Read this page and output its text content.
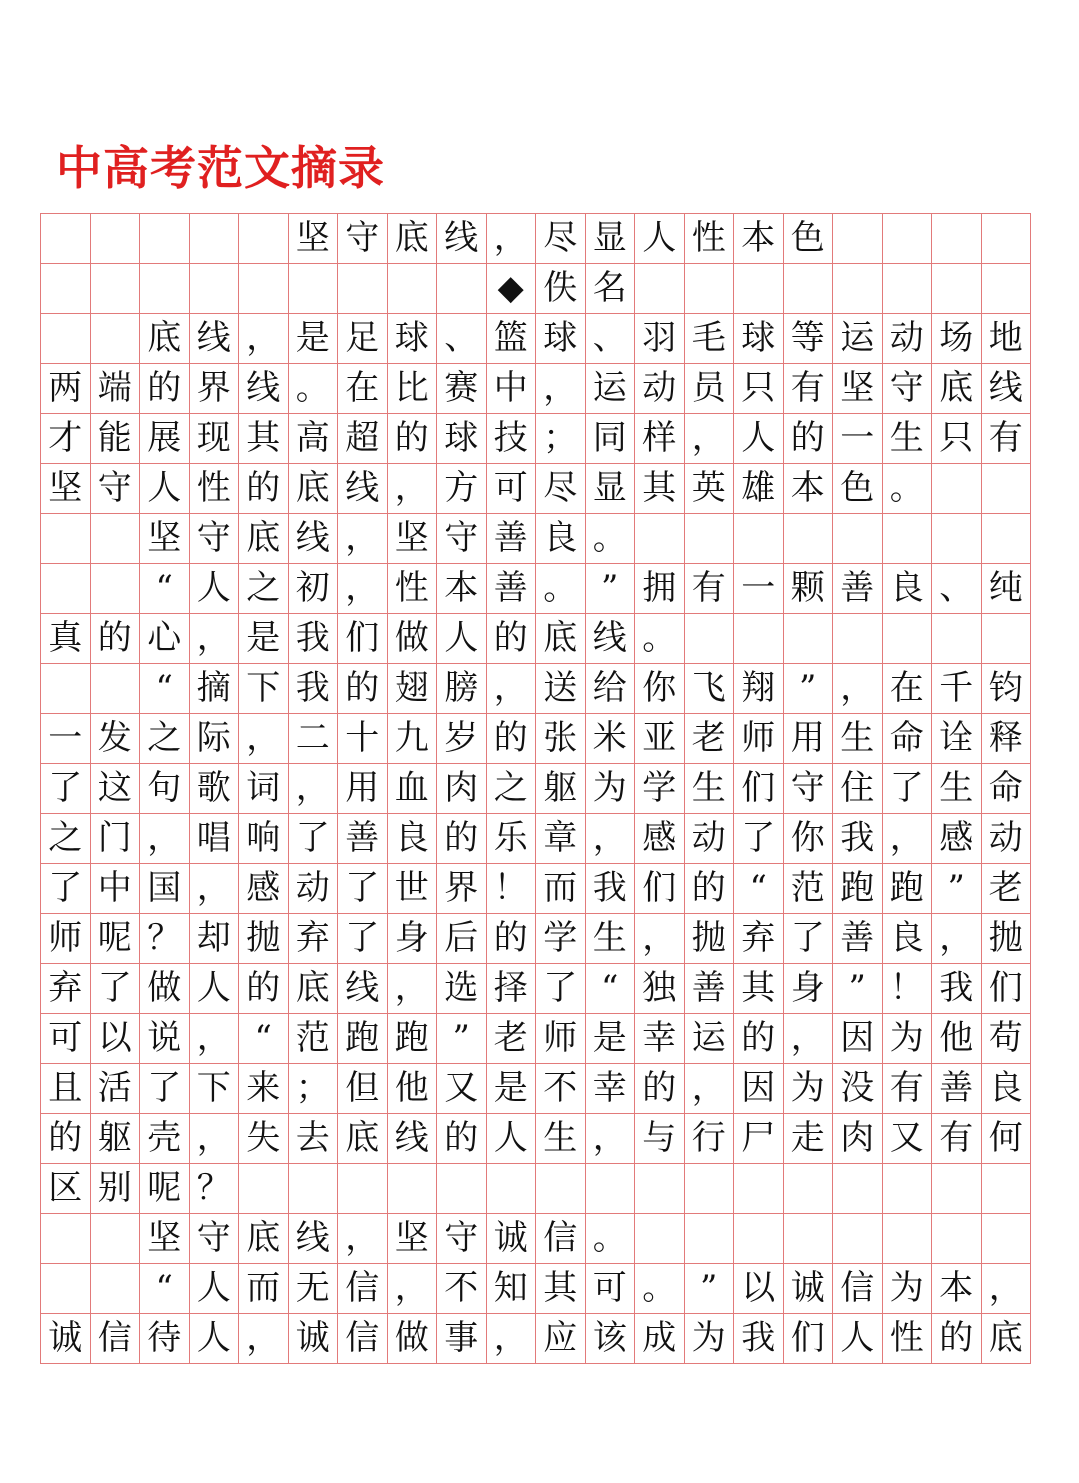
中高考范文摘录
坚 守 底 线 ， 尽 显 人 性 本 色
◆ 佚 名
底 线 ， 是 足 球 、 篮 球 、 羽 毛 球 等 运 动 场 地
两 端 的 界 线 。 在 比 赛 中 ， 运 动 员 只 有 坚 守 底 线
才 能 展 现 其 高 超 的 球 技 ； 同 样 ， 人 的 一 生 只 有
坚 守 人 性 的 底 线 ， 方 可 尽 显 其 英 雄 本 色 。
坚 守 底 线 ， 坚 守 善 良 。
“ 人 之 初 ， 性 本 善 。 ” 拥 有 一 颗 善 良 、 纯
真 的 心 ， 是 我 们 做 人 的 底 线 。
“ 摘 下 我 的 翅 膀 ， 送 给 你 飞 翔 ” ， 在 千 钧
一 发 之 际 ， 二 十 九 岁 的 张 米 亚 老 师 用 生 命 诠 释
了 这 句 歌 词 ， 用 血 肉 之 躯 为 学 生 们 守 住 了 生 命
之 门 ， 唱 响 了 善 良 的 乐 章 ， 感 动 了 你 我 ， 感 动
了 中 国 ， 感 动 了 世 界 ！ 而 我 们 的 “ 范 跑 跑 ” 老
师 呢 ？ 却 抛 弃 了 身 后 的 学 生 ， 抛 弃 了 善 良 ， 抛
弃 了 做 人 的 底 线 ， 选 择 了 “ 独 善 其 身 ” ！ 我 们
可 以 说 ， “ 范 跑 跑 ” 老 师 是 幸 运 的 ， 因 为 他 苟
且 活 了 下 来 ； 但 他 又 是 不 幸 的 ， 因 为 没 有 善 良
的 躯 壳 ， 失 去 底 线 的 人 生 ， 与 行 尸 走 肉 又 有 何
区 别 呢 ？
坚 守 底 线 ， 坚 守 诚 信 。
“ 人 而 无 信 ， 不 知 其 可 。 ” 以 诚 信 为 本 ，
诚 信 待 人 ， 诚 信 做 事 ， 应 该 成 为 我 们 人 性 的 底
